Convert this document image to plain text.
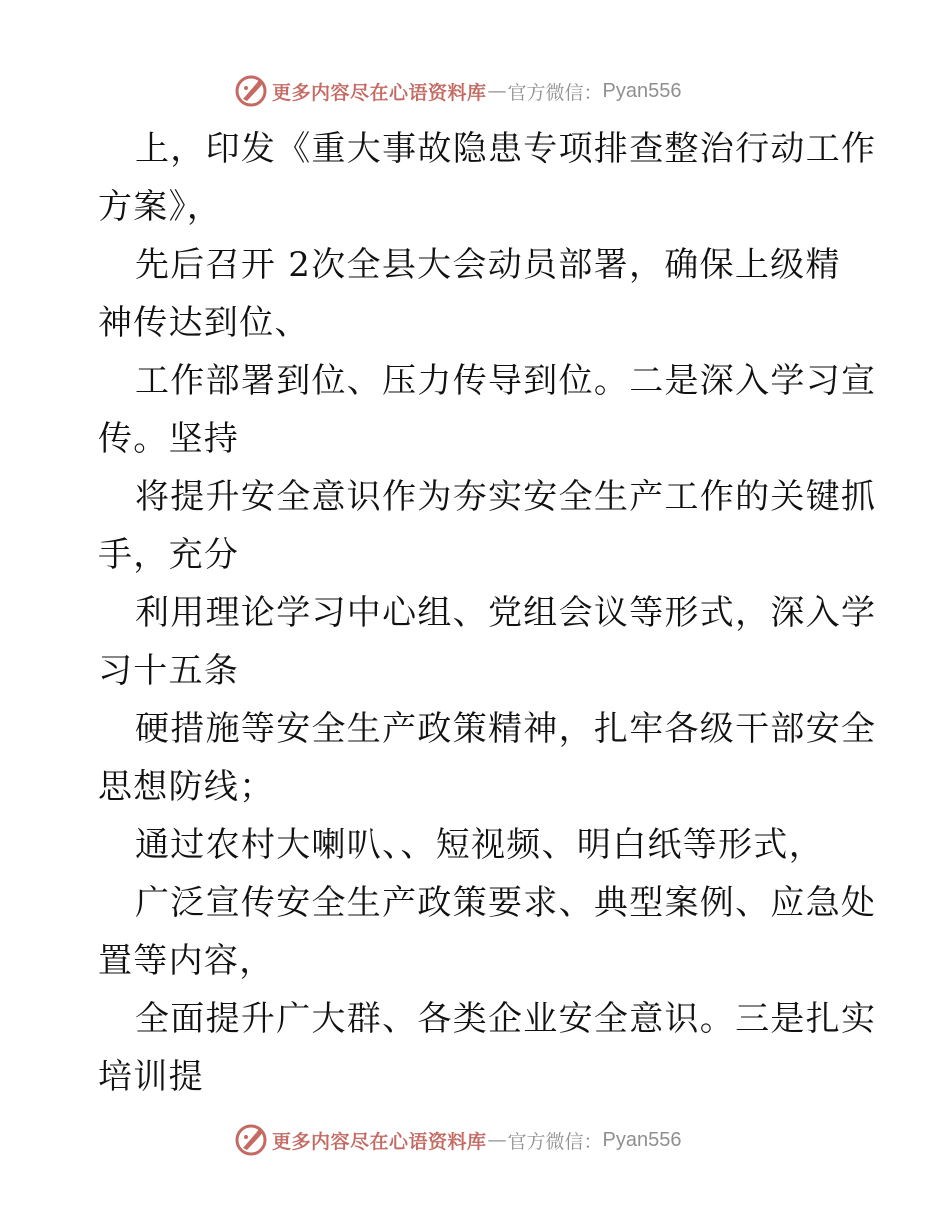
更多内容尽在心语资料库 — 官方微信： Pyan556
上，印发《重大事故隐患专项排查整治行动工作
方案》，
先后召开 2次全县大会动员部署，确保上级精
神传达到位、
工作部署到位、压力传导到位。二是深入学习宣
传。坚持
将提升安全意识作为夯实安全生产工作的关键抓
手，充分
利用理论学习中心组、党组会议等形式，深入学
习十五条
硬措施等安全生产政策精神，扎牢各级干部安全
思想防线；
通过农村大喇叭、、短视频、明白纸等形式，
广泛宣传安全生产政策要求、典型案例、应急处
置等内容，
全面提升广大群、各类企业安全意识。三是扎实
培训提
更多内容尽在心语资料库 — 官方微信： Pyan556
